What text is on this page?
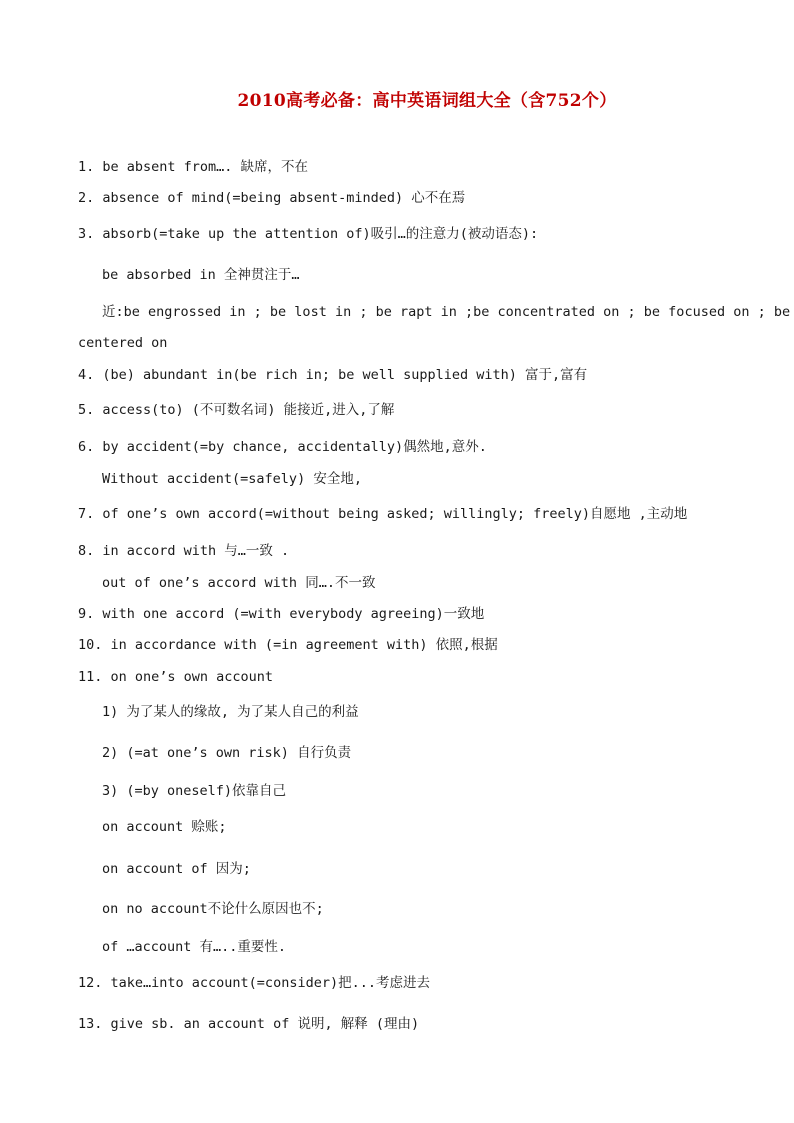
2010高考必备：高中英语词组大全（含752个）
1. be absent from…. 缺席，不在
2. absence of mind(=being absent-minded) 心不在焉
3. absorb(=take up the attention of)吸引…的注意力(被动语态):
be absorbed in 全神贯注于…
近:be engrossed in ; be lost in ; be rapt in ;be concentrated on ; be focused on ; be
centered on
4. (be) abundant in(be rich in; be well supplied with) 富于,富有
5. access(to) (不可数名词) 能接近,进入,了解
6. by accident(=by chance, accidentally)偶然地,意外.
Without accident(=safely) 安全地,
7. of one’s own accord(=without being asked; willingly; freely)自愿地 ,主动地
8. in accord with 与…一致 .
out of one’s accord with 同….不一致
9. with one accord (=with everybody agreeing)一致地
10. in accordance with (=in agreement with) 依照,根据
11. on one’s own account
1) 为了某人的缘故, 为了某人自己的利益
2) (=at one’s own risk) 自行负责
3) (=by oneself)依靠自己
on account 赊账;
on account of 因为;
on no account不论什么原因也不;
of …account 有…..重要性.
12. take…into account(=consider)把...考虑进去
13. give sb. an account of 说明, 解释 (理由)
